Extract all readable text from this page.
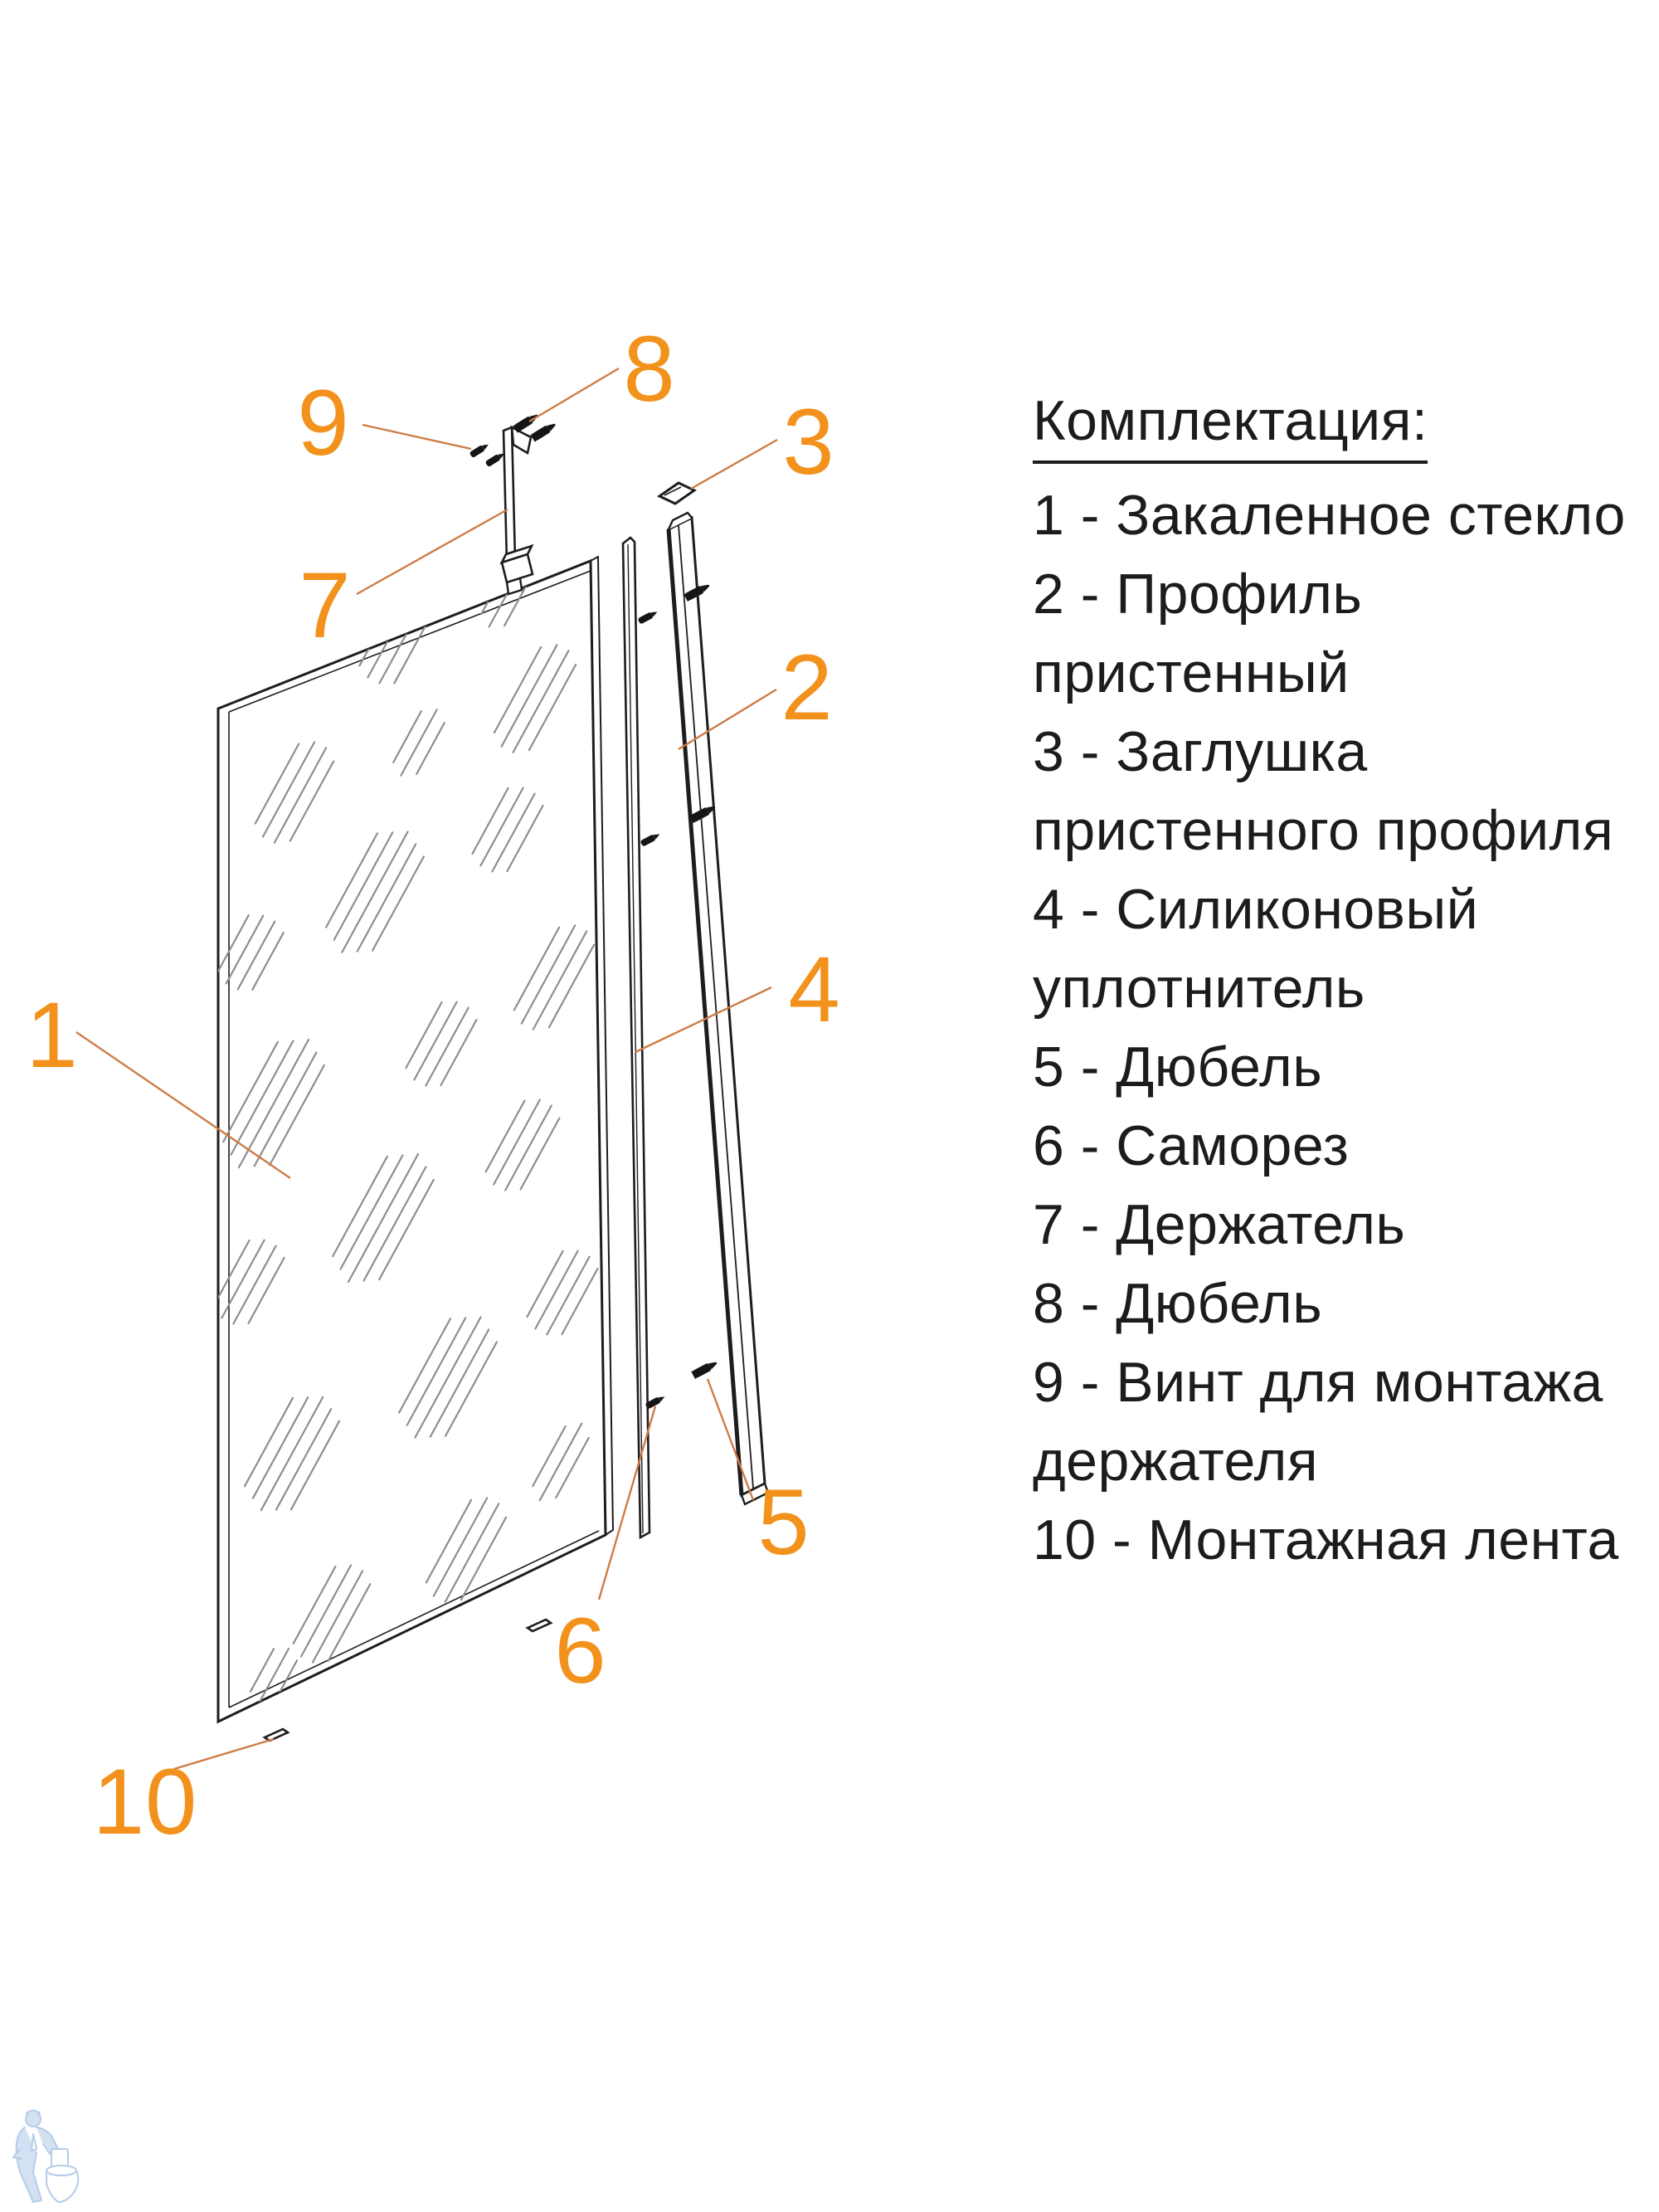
1
2
3
4
5
6
7
8
9
10
Комплектация:
1 - Закаленное стекло
2 - Профиль
пристенный
3 - Заглушка
пристенного профиля
4 - Силиконовый
уплотнитель
5 - Дюбель
6 - Саморез
7 - Держатель
8 - Дюбель
9 - Винт для монтажа
держателя
10 - Монтажная лента
